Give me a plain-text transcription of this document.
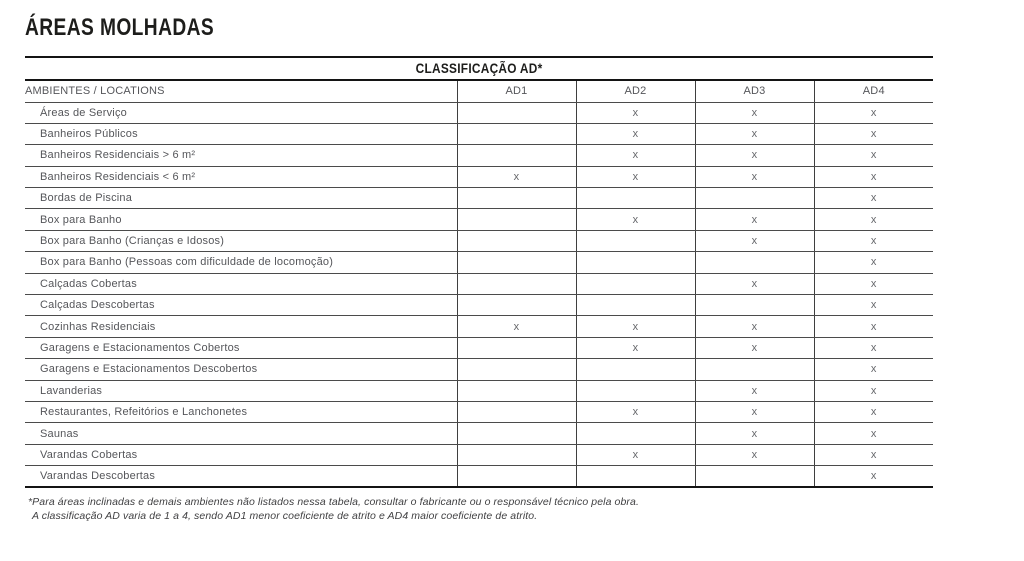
ÁREAS MOLHADAS
CLASSIFICAÇÃO AD*				
AMBIENTES / LOCATIONS	AD1	AD2	AD3	AD4
Áreas de Serviço		x	x	x
Banheiros Públicos		x	x	x
Banheiros Residenciais > 6 m²		x	x	x
Banheiros Residenciais < 6 m²	x	x	x	x
Bordas de Piscina				x
Box para Banho		x	x	x
Box para Banho (Crianças e Idosos)			x	x
Box para Banho (Pessoas com dificuldade de locomoção)				x
Calçadas Cobertas			x	x
Calçadas Descobertas				x
Cozinhas Residenciais	x	x	x	x
Garagens e Estacionamentos Cobertos		x	x	x
Garagens e Estacionamentos Descobertos				x
Lavanderias			x	x
Restaurantes, Refeitórios e Lanchonetes		x	x	x
Saunas			x	x
Varandas Cobertas		x	x	x
Varandas Descobertas				x
*Para áreas inclinadas e demais ambientes não listados nessa tabela, consultar o fabricante ou o responsável técnico pela obra.
A classificação AD varia de 1 a 4, sendo AD1 menor coeficiente de atrito e AD4 maior coeficiente de atrito.
